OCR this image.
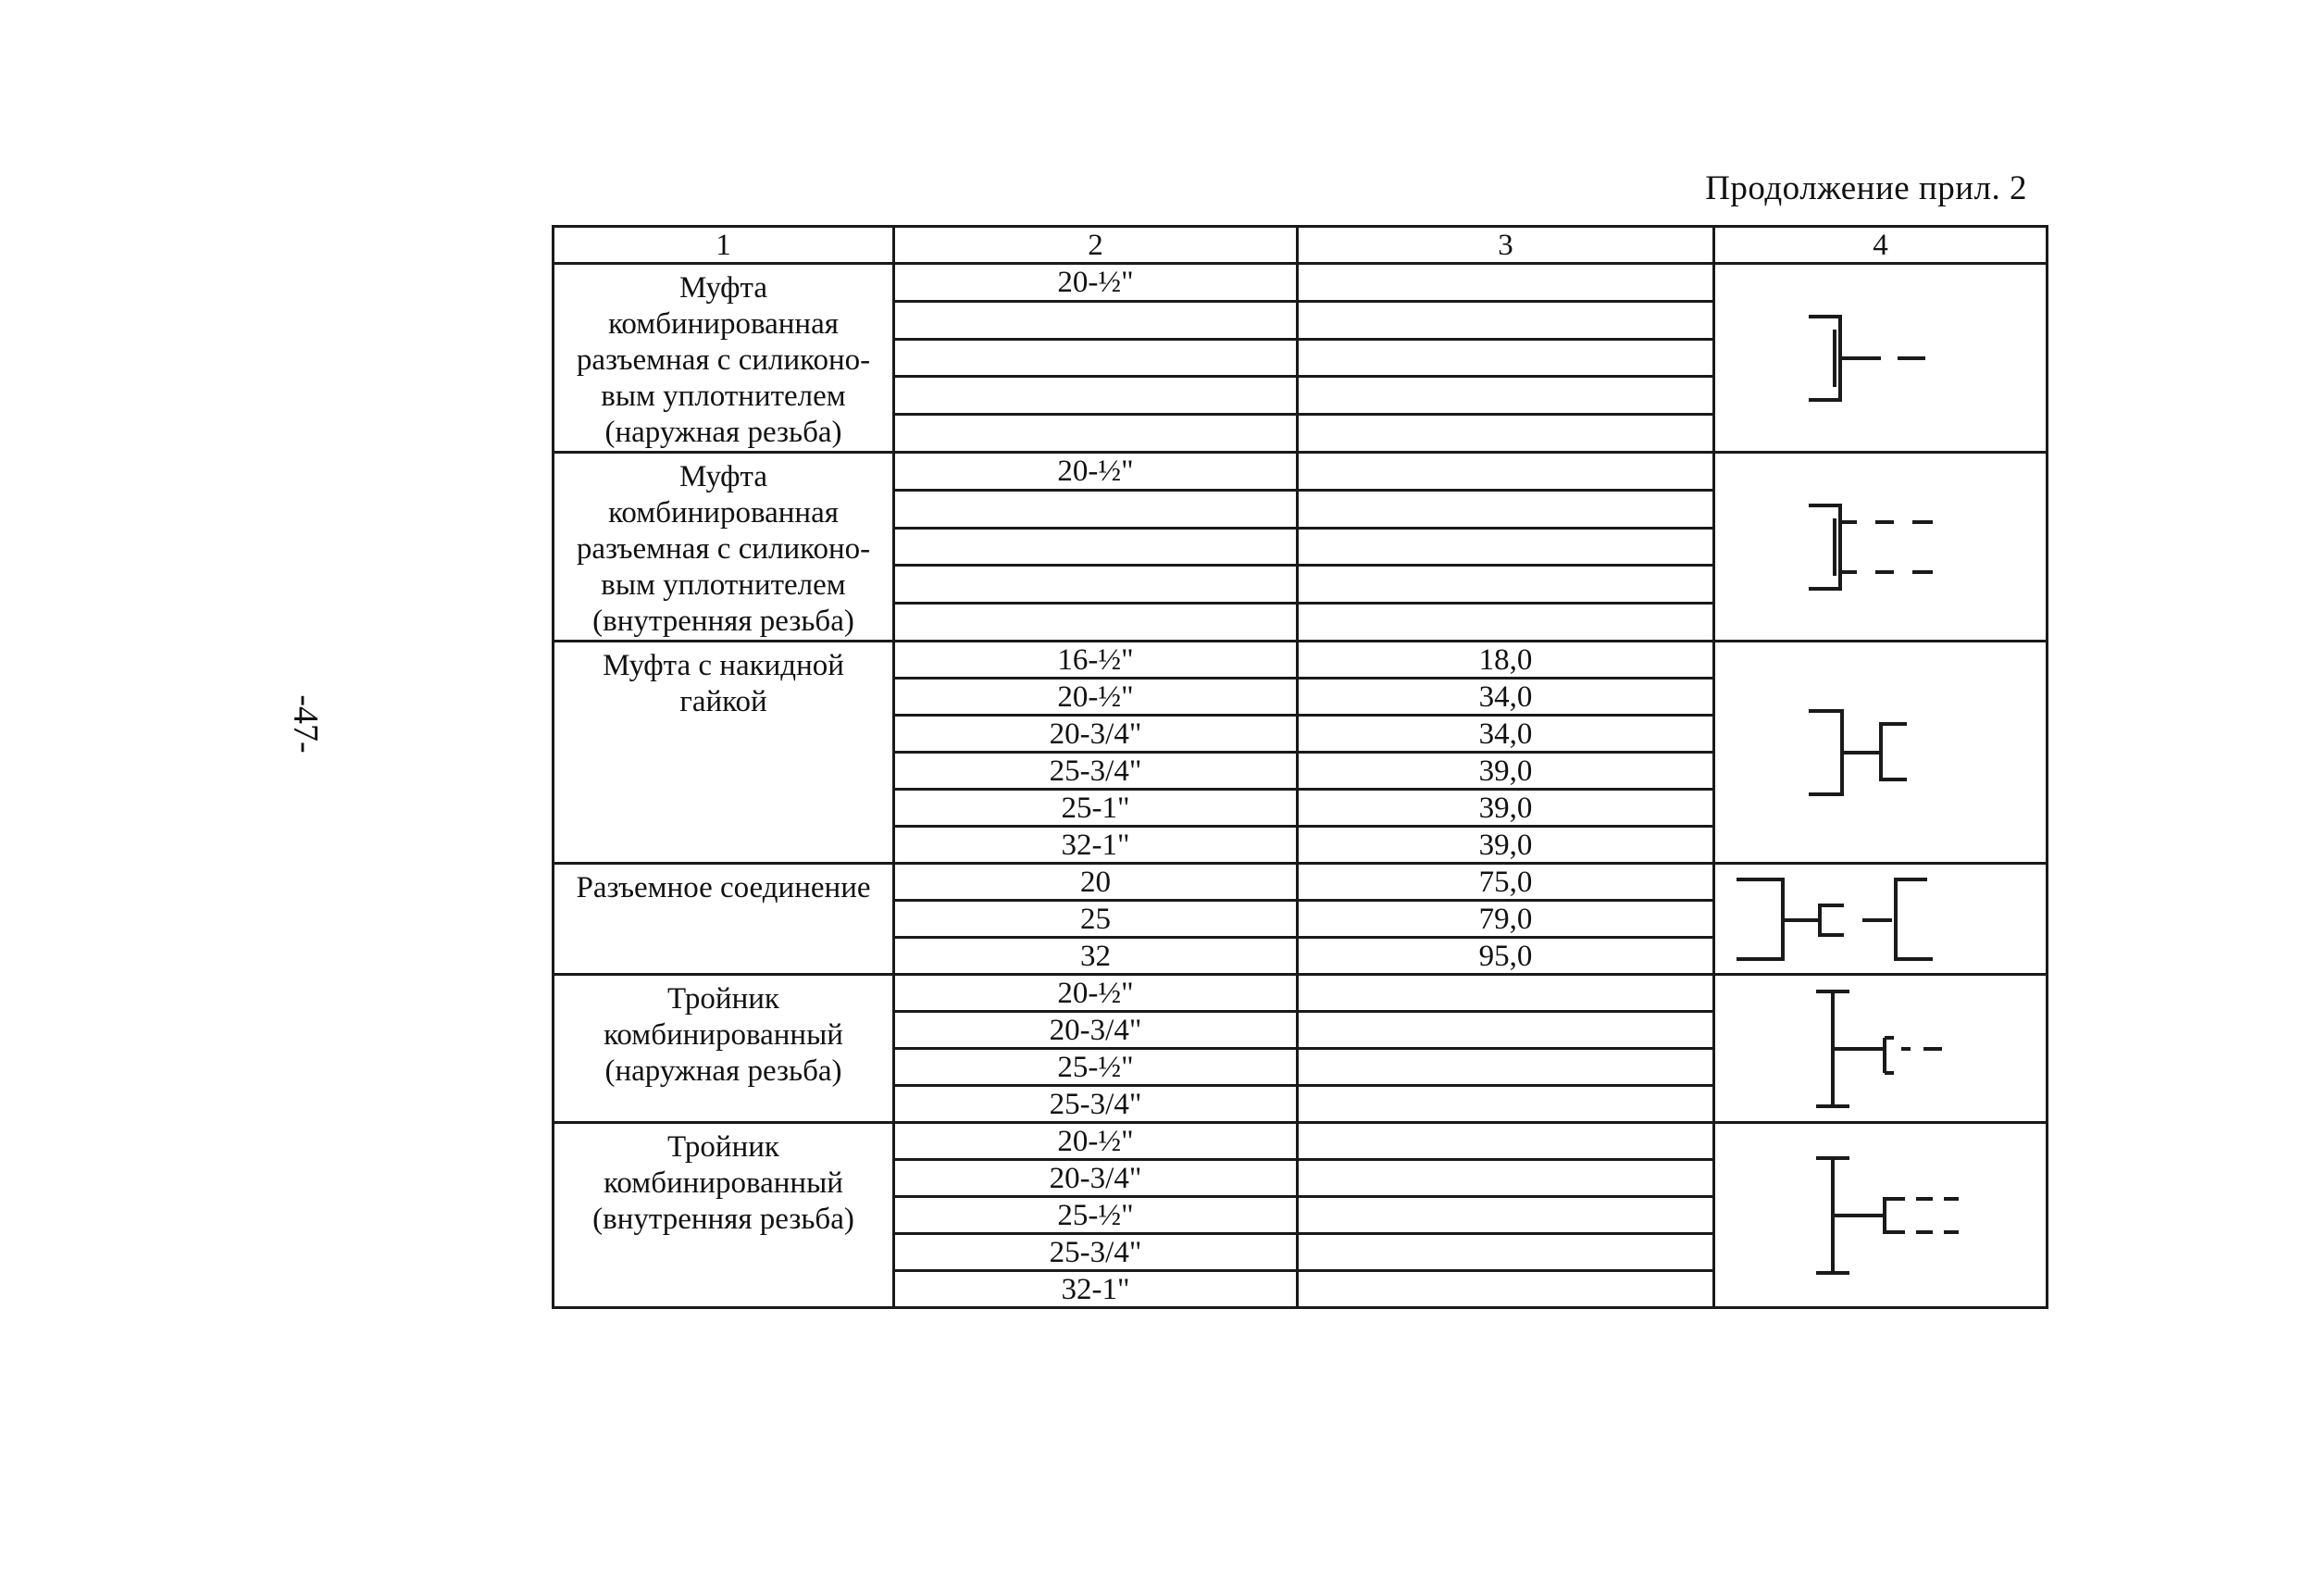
-47-
Продолжение прил. 2
1	2	3	4

Муфта
комбинированная
разъемная с силиконо-
вым уплотнителем
(наружная резьба)	20-½"		

Муфта
комбинированная
разъемная с силиконо-
вым уплотнителем
(внутренняя резьба)	20-½"		

Муфта с накидной
гайкой	16-½"	18,0	

	20-½"	34,0	
	20-3/4"	34,0	
	25-3/4"	39,0	
	25-1"	39,0	
	32-1"	39,0	

Разъемное соединение	20	75,0	

	25	79,0	
	32	95,0	

Тройник
комбинированный
(наружная резьба)	20-½"		

	20-3/4"		
	25-½"		
	25-3/4"		

Тройник
комбинированный
(внутренняя резьба)	20-½"		

	20-3/4"		
	25-½"		
	25-3/4"		
	32-1"		
